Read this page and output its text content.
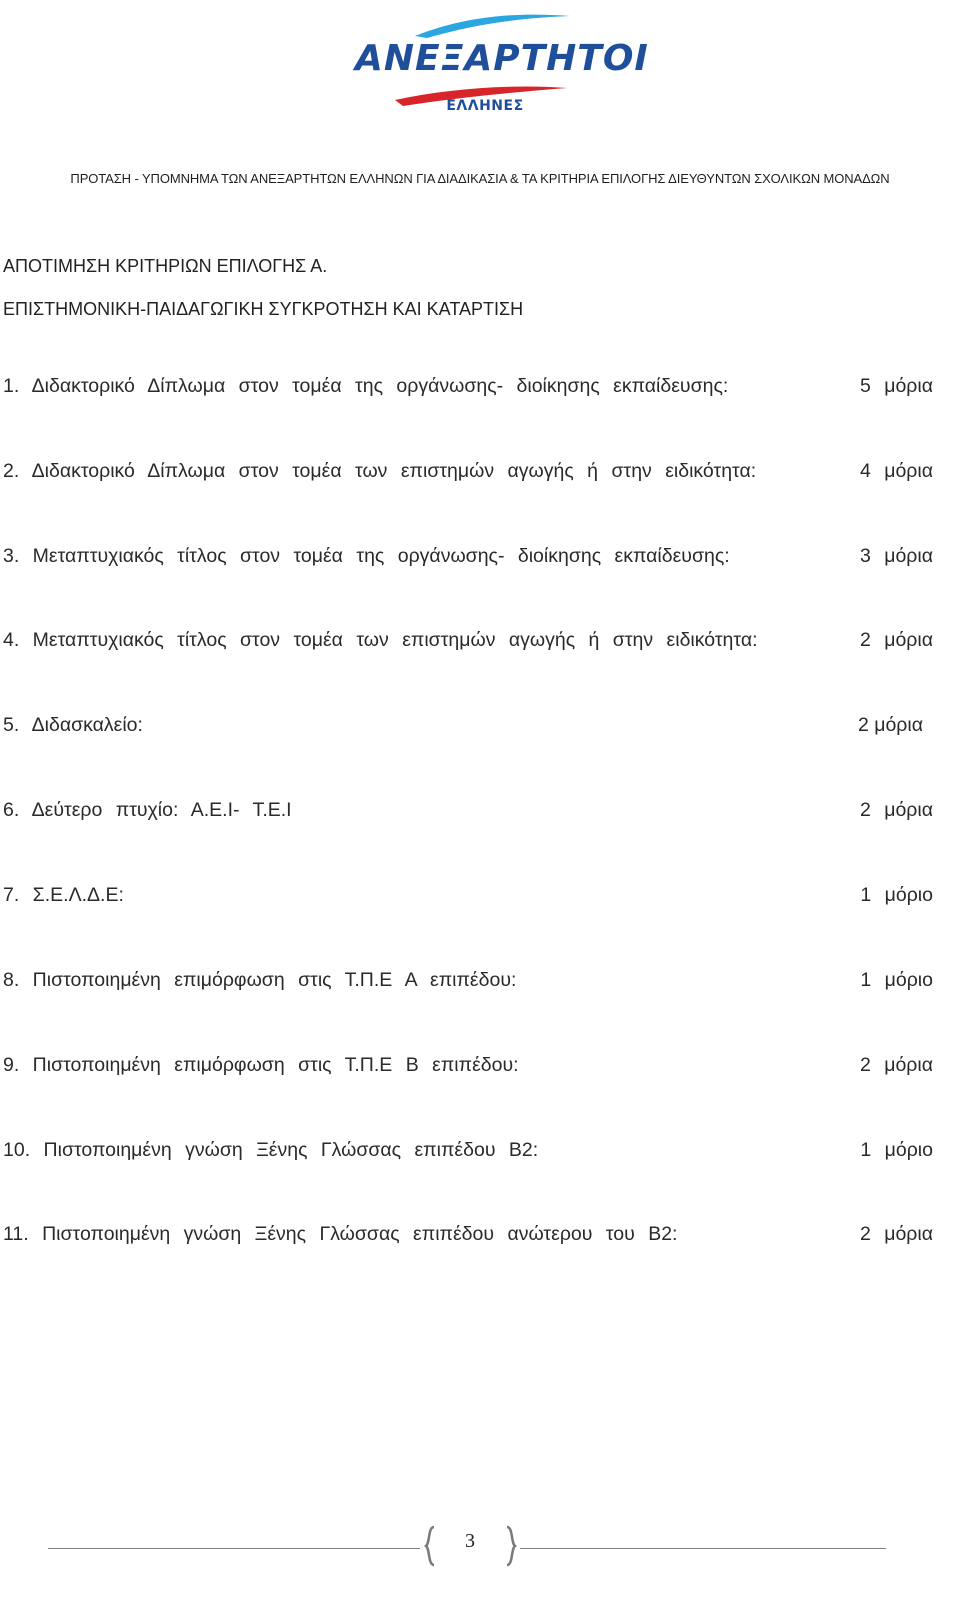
ΑΝΕΞΑΡΤΗΤΟΙ
ΕΛΛΗΝΕΣ
ΠΡΟΤΑΣΗ - ΥΠΟΜΝΗΜΑ ΤΩΝ ΑΝΕΞΑΡΤΗΤΩΝ ΕΛΛΗΝΩΝ ΓΙΑ ΔΙΑΔΙΚΑΣΙΑ & ΤΑ ΚΡΙΤΗΡΙΑ ΕΠΙΛΟΓΗΣ ΔΙΕΥΘΥΝΤΩΝ ΣΧΟΛΙΚΩΝ ΜΟΝΑΔΩΝ
ΑΠΟΤΙΜΗΣΗ ΚΡΙΤΗΡΙΩΝ ΕΠΙΛΟΓΗΣ Α.
ΕΠΙΣΤΗΜΟΝΙΚΗ-ΠΑΙΔΑΓΩΓΙΚΗ ΣΥΓΚΡΟΤΗΣΗ ΚΑΙ ΚΑΤΑΡΤΙΣΗ
1. Διδακτορικό Δίπλωμα στον τομέα της οργάνωσης- διοίκησης εκπαίδευσης:	5 μόρια
2. Διδακτορικό Δίπλωμα στον τομέα των επιστημών αγωγής ή στην ειδικότητα:	4 μόρια
3. Μεταπτυχιακός τίτλος στον τομέα της οργάνωσης- διοίκησης εκπαίδευσης:	3 μόρια
4. Μεταπτυχιακός τίτλος στον τομέα των επιστημών αγωγής ή στην ειδικότητα:	2 μόρια
5. Διδασκαλείο:	2 μόρια
6. Δεύτερο πτυχίο: Α.Ε.Ι- Τ.Ε.Ι	2 μόρια
7. Σ.Ε.Λ.Δ.Ε:	1 μόριο
8. Πιστοποιημένη επιμόρφωση στις Τ.Π.Ε Α επιπέδου:	1 μόριο
9. Πιστοποιημένη επιμόρφωση στις Τ.Π.Ε Β επιπέδου:	2 μόρια
10. Πιστοποιημένη γνώση Ξένης Γλώσσας επιπέδου Β2:	1 μόριο
11. Πιστοποιημένη γνώση Ξένης Γλώσσας επιπέδου ανώτερου του Β2:	2 μόρια
3
